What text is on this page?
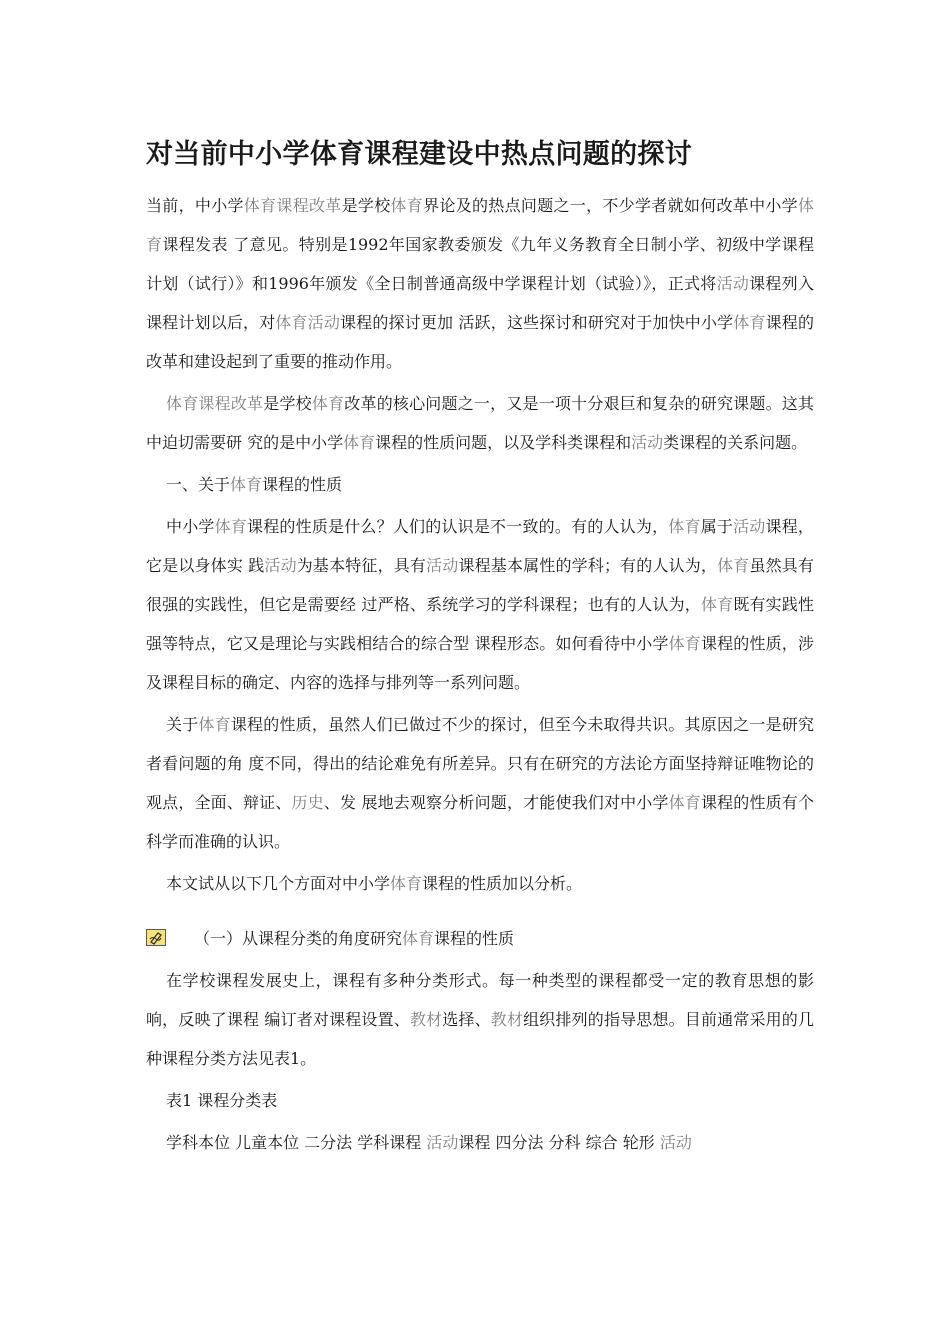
对当前中小学体育课程建设中热点问题的探讨

当前，中小学体育课程改革是学校体育界论及的热点问题之一，不少学者就如何改革中小学体育课程发表 了意见。特别是1992年国家教委颁发《九年义务教育全日制小学、初级中学课程计划（试行）》和1996年颁发《全日制普通高级中学课程计划（试验）》，正式将活动课程列入课程计划以后，对体育活动课程的探讨更加 活跃，这些探讨和研究对于加快中小学体育课程的改革和建设起到了重要的推动作用。

体育课程改革是学校体育改革的核心问题之一，又是一项十分艰巨和复杂的研究课题。这其中迫切需要研 究的是中小学体育课程的性质问题，以及学科类课程和活动类课程的关系问题。

一、关于体育课程的性质

中小学体育课程的性质是什么？人们的认识是不一致的。有的人认为，体育属于活动课程，它是以身体实 践活动为基本特征，具有活动课程基本属性的学科；有的人认为，体育虽然具有很强的实践性，但它是需要经 过严格、系统学习的学科课程；也有的人认为，体育既有实践性强等特点，它又是理论与实践相结合的综合型 课程形态。如何看待中小学体育课程的性质，涉及课程目标的确定、内容的选择与排列等一系列问题。

关于体育课程的性质，虽然人们已做过不少的探讨，但至今未取得共识。其原因之一是研究者看问题的角 度不同，得出的结论难免有所差异。只有在研究的方法论方面坚持辩证唯物论的观点，全面、辩证、历史、发 展地去观察分析问题，才能使我们对中小学体育课程的性质有个科学而准确的认识。

本文试从以下几个方面对中小学体育课程的性质加以分析。

（一）从课程分类的角度研究体育课程的性质

在学校课程发展史上，课程有多种分类形式。每一种类型的课程都受一定的教育思想的影响，反映了课程 编订者对课程设置、教材选择、教材组织排列的指导思想。目前通常采用的几种课程分类方法见表1。

表1 课程分类表

学科本位 儿童本位 二分法 学科课程 活动课程 四分法 分科 综合 轮形 活动
